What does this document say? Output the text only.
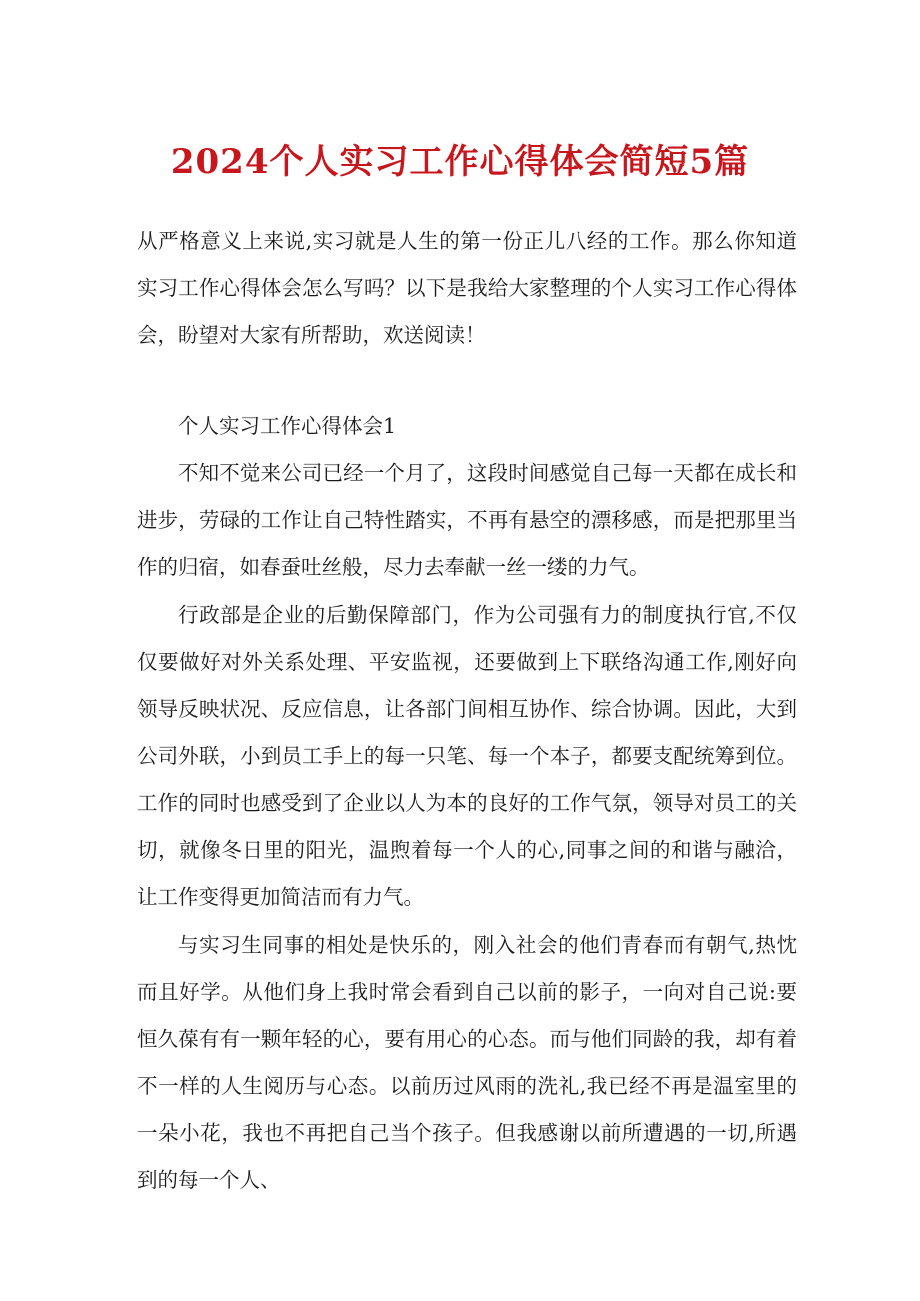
2024个人实习工作心得体会简短5篇

从严格意义上来说,实习就是人生的第一份正儿八经的工作。那么你知道实习工作心得体会怎么写吗？以下是我给大家整理的个人实习工作心得体会，盼望对大家有所帮助，欢送阅读！

个人实习工作心得体会1

不知不觉来公司已经一个月了，这段时间感觉自己每一天都在成长和进步，劳碌的工作让自己特性踏实，不再有悬空的漂移感，而是把那里当作的归宿，如春蚕吐丝般，尽力去奉献一丝一缕的力气。

行政部是企业的后勤保障部门，作为公司强有力的制度执行官,不仅仅要做好对外关系处理、平安监视，还要做到上下联络沟通工作,刚好向领导反映状况、反应信息，让各部门间相互协作、综合协调。因此，大到公司外联，小到员工手上的每一只笔、每一个本子，都要支配统筹到位。工作的同时也感受到了企业以人为本的良好的工作气氛，领导对员工的关切，就像冬日里的阳光，温煦着每一个人的心,同事之间的和谐与融洽，让工作变得更加简洁而有力气。

与实习生同事的相处是快乐的，刚入社会的他们青春而有朝气,热忱而且好学。从他们身上我时常会看到自己以前的影子，一向对自己说:要恒久葆有有一颗年轻的心，要有用心的心态。而与他们同龄的我，却有着不一样的人生阅历与心态。以前历过风雨的洗礼,我已经不再是温室里的一朵小花，我也不再把自己当个孩子。但我感谢以前所遭遇的一切,所遇到的每一个人、
